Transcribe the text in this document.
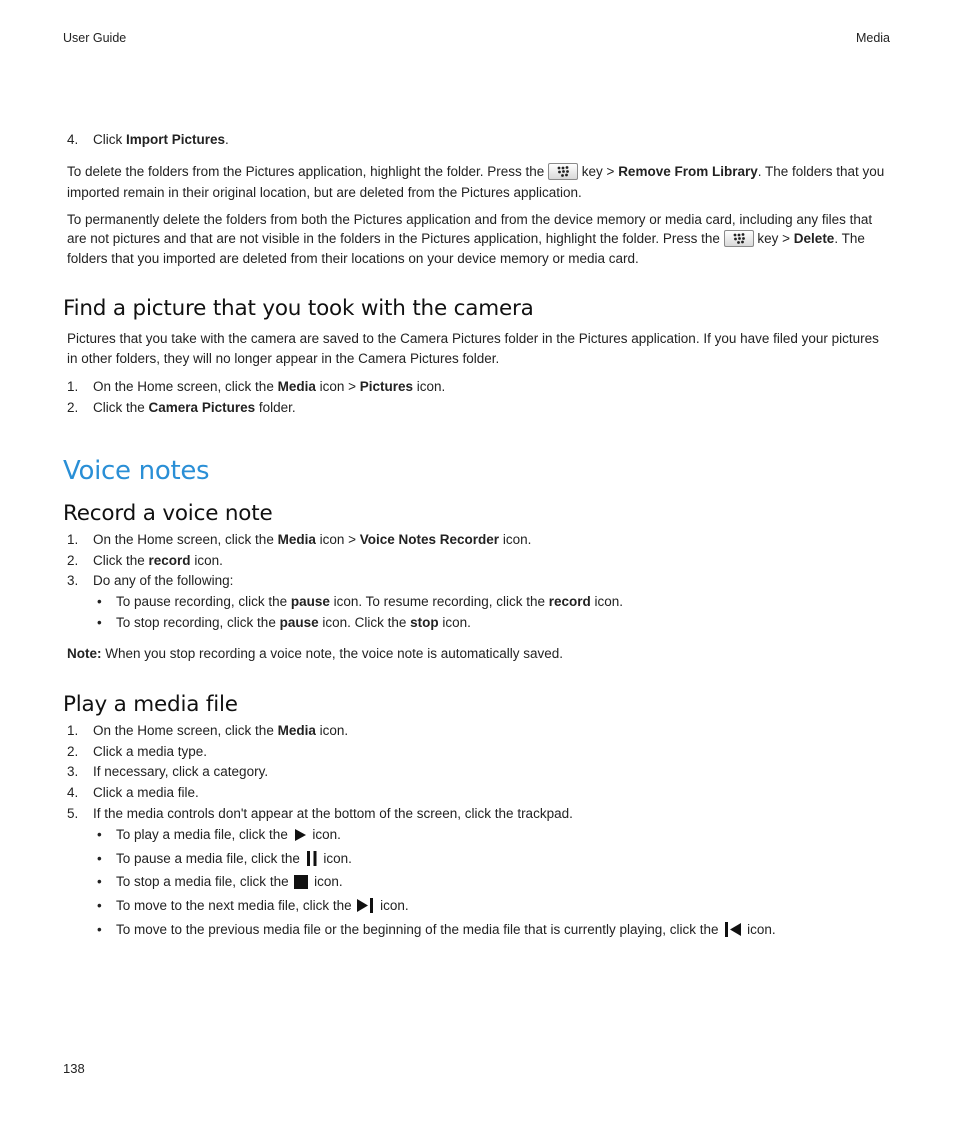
User Guide	Media
4. Click Import Pictures.

To delete the folders from the Pictures application, highlight the folder. Press the
key > Remove From Library. The folders that you imported remain in their original location, but are deleted from the Pictures application.

To permanently delete the folders from both the Pictures application and from the device memory or media card, including any files that are not pictures and that are not visible in the folders in the Pictures application, highlight the folder. Press the
key > Delete. The folders that you imported are deleted from their locations on your device memory or media card.

Find a picture that you took with the camera

Pictures that you take with the camera are saved to the Camera Pictures folder in the Pictures application. If you have filed your pictures in other folders, they will no longer appear in the Camera Pictures folder.

1. On the Home screen, click the Media icon > Pictures icon.
2. Click the Camera Pictures folder.
Voice notes
Record a voice note
1. On the Home screen, click the Media icon > Voice Notes Recorder icon.
2. Click the record icon.
3. Do any of the following:
• To pause recording, click the pause icon. To resume recording, click the record icon.
• To stop recording, click the pause icon. Click the stop icon.

Note: When you stop recording a voice note, the voice note is automatically saved.

Play a media file
1. On the Home screen, click the Media icon.
2. Click a media type.
3. If necessary, click a category.
4. Click a media file.
5. If the media controls don't appear at the bottom of the screen, click the trackpad.
• To play a media file, click the  icon.
• To pause a media file, click the  icon.
• To stop a media file, click the  icon.
• To move to the next media file, click the  icon.
• To move to the previous media file or the beginning of the media file that is currently playing, click the  icon.
138
